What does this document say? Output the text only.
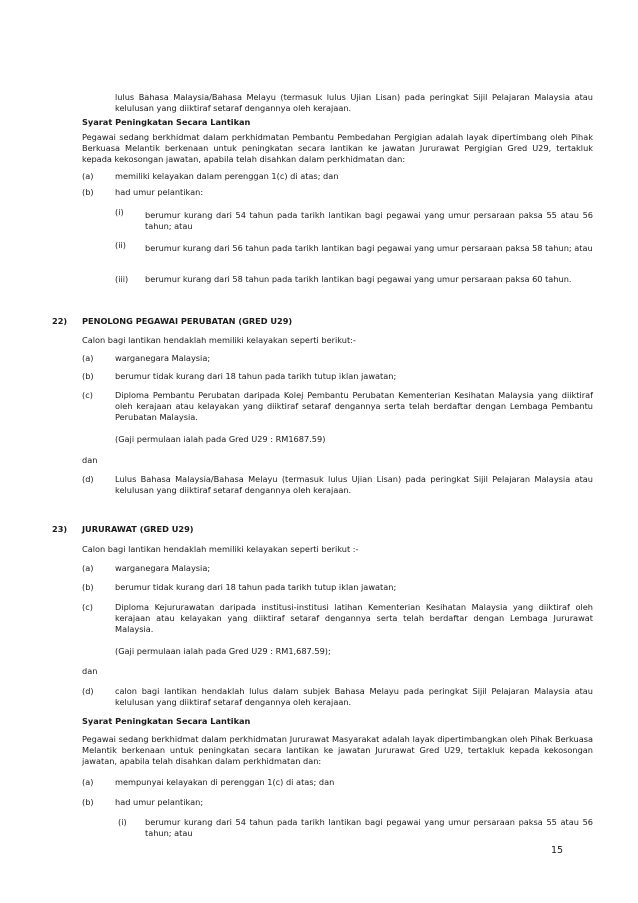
lulus Bahasa Malaysia/Bahasa Melayu (termasuk lulus Ujian Lisan) pada peringkat Sijil Pelajaran Malaysia atau kelulusan yang diiktiraf setaraf dengannya oleh kerajaan.
Syarat Peningkatan Secara Lantikan
Pegawai sedang berkhidmat dalam perkhidmatan Pembantu Pembedahan Pergigian adalah layak dipertimbang oleh Pihak Berkuasa Melantik berkenaan untuk peningkatan secara lantikan ke jawatan Jururawat Pergigian Gred U29, tertakluk kepada kekosongan jawatan, apabila telah disahkan dalam perkhidmatan dan:
(a)	memiliki kelayakan dalam perenggan 1(c) di atas; dan
(b)	had umur pelantikan:
(i)	berumur kurang dari 54 tahun pada tarikh lantikan bagi pegawai yang umur persaraan paksa 55 atau 56 tahun; atau
(ii) berumur kurang dari 56 tahun pada tarikh lantikan bagi pegawai yang umur persaraan paksa 58 tahun; atau
(iii) berumur kurang dari 58 tahun pada tarikh lantikan bagi pegawai yang umur persaraan paksa 60 tahun.
22) PENOLONG PEGAWAI PERUBATAN (GRED U29)
Calon bagi lantikan hendaklah memiliki kelayakan seperti berikut:-
(a)	warganegara Malaysia;
(b)	berumur tidak kurang dari 18 tahun pada tarikh tutup iklan jawatan;
(c)	Diploma Pembantu Perubatan daripada Kolej Pembantu Perubatan Kementerian Kesihatan Malaysia yang diiktiraf oleh kerajaan atau kelayakan yang diiktiraf setaraf dengannya serta telah berdaftar dengan Lembaga Pembantu Perubatan Malaysia.
(Gaji permulaan ialah pada Gred U29 : RM1687.59)
dan
(d)	Lulus Bahasa Malaysia/Bahasa Melayu (termasuk lulus Ujian Lisan) pada peringkat Sijil Pelajaran Malaysia atau kelulusan yang diiktiraf setaraf dengannya oleh kerajaan.
23) JURURAWAT (GRED U29)
Calon bagi lantikan hendaklah memiliki kelayakan seperti berikut :-
(a)	warganegara Malaysia;
(b)	berumur tidak kurang dari 18 tahun pada tarikh tutup iklan jawatan;
(c)	Diploma Kejururawatan daripada institusi-institusi latihan Kementerian Kesihatan Malaysia yang diiktiraf oleh kerajaan atau kelayakan yang diiktiraf setaraf dengannya serta telah berdaftar dengan Lembaga Jururawat Malaysia.
(Gaji permulaan ialah pada Gred U29 : RM1,687.59);
dan
(d)	calon bagi lantikan hendaklah lulus dalam subjek Bahasa Melayu pada peringkat Sijil Pelajaran Malaysia atau kelulusan yang diiktiraf setaraf dengannya oleh kerajaan.
Syarat Peningkatan Secara Lantikan
Pegawai sedang berkhidmat dalam perkhidmatan Jururawat Masyarakat adalah layak dipertimbangkan oleh Pihak Berkuasa Melantik berkenaan untuk peningkatan secara lantikan ke jawatan Jururawat Gred U29, tertakluk kepada kekosongan jawatan, apabila telah disahkan dalam perkhidmatan dan:
(a)	mempunyai kelayakan di perenggan 1(c) di atas; dan
(b)	had umur pelantikan;
(i) berumur kurang dari 54 tahun pada tarikh lantikan bagi pegawai yang umur persaraan paksa 55 atau 56 tahun; atau
15
